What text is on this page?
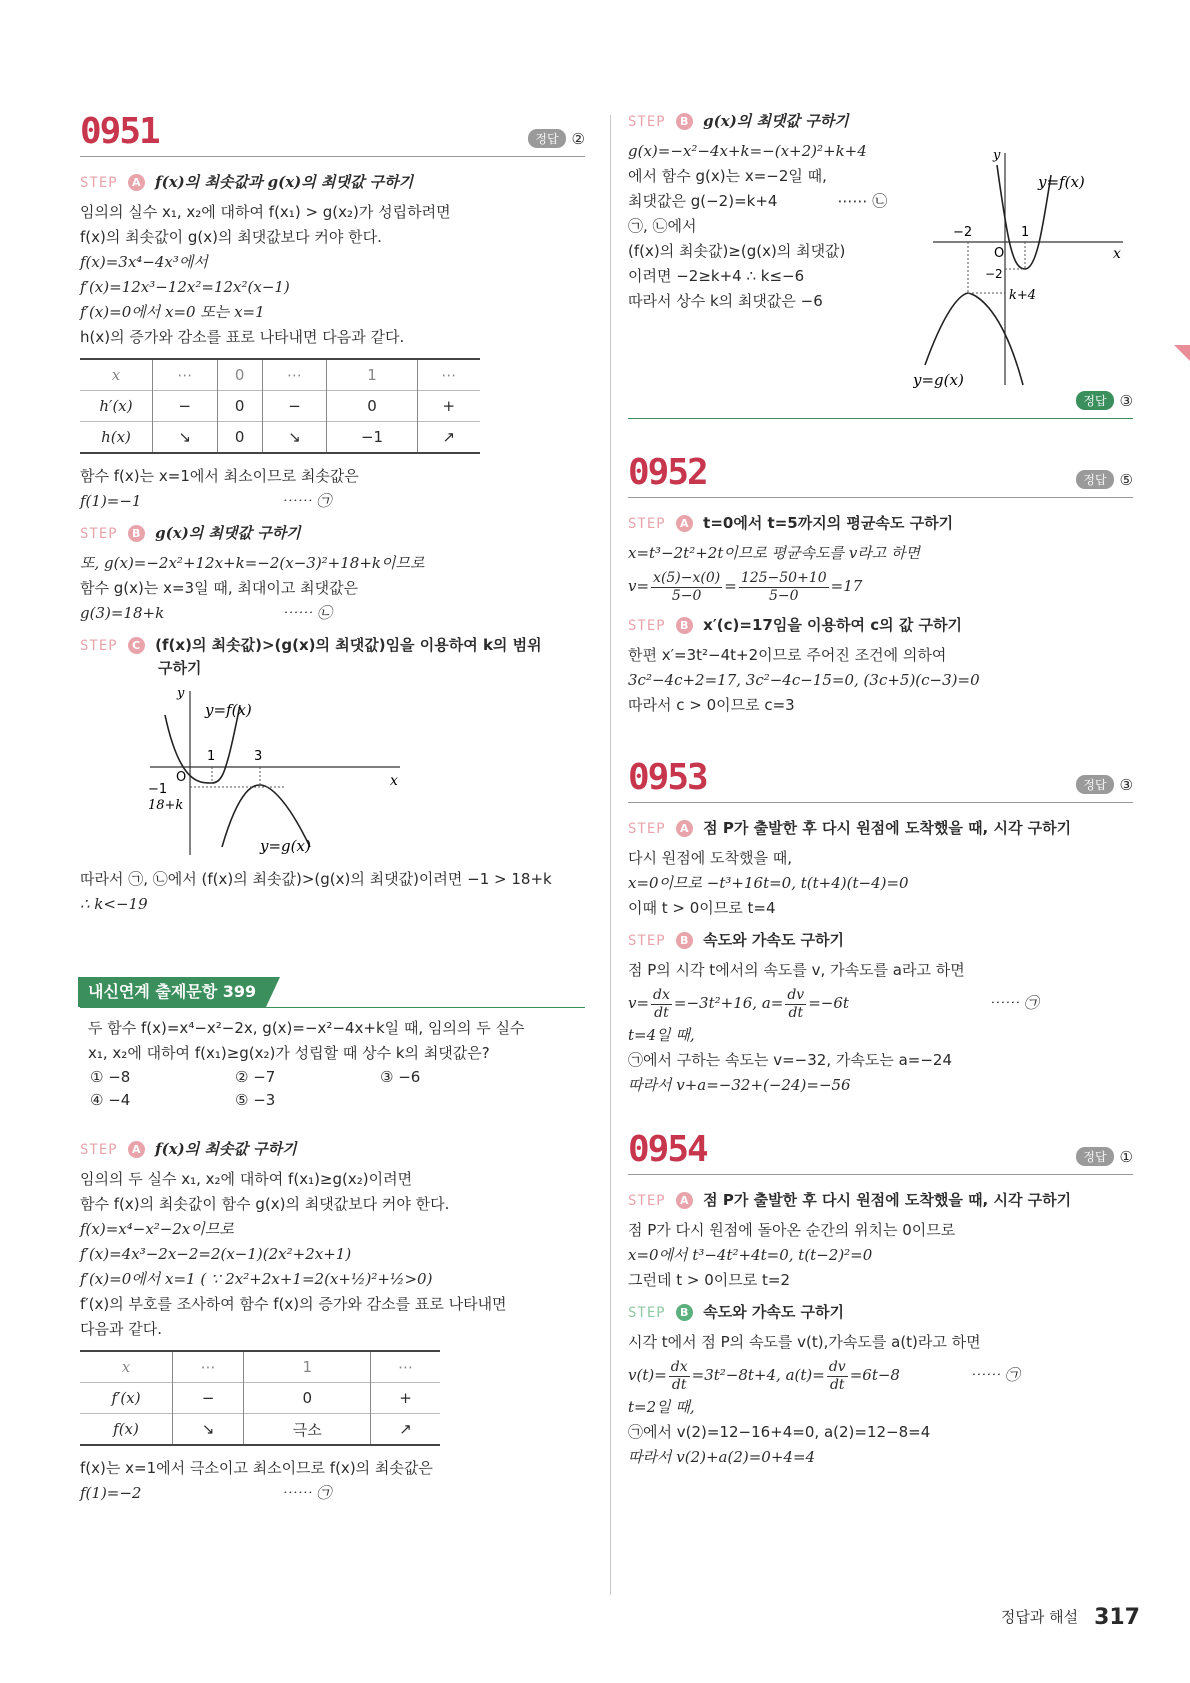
0951	정답 ②
STEP A f(x)의 최솟값과 g(x)의 최댓값 구하기
임의의 실수 x₁, x₂에 대하여 f(x₁) > g(x₂)가 성립하려면
f(x)의 최솟값이 g(x)의 최댓값보다 커야 한다.
f(x)=3x⁴−4x³에서
f′(x)=12x³−12x²=12x²(x−1)
f′(x)=0에서 x=0 또는 x=1
h(x)의 증가와 감소를 표로 나타내면 다음과 같다.
x	⋯	0	⋯	1	⋯
h′(x)	−	0	−	0	+
h(x)	↘	0	↘	−1	↗
함수 f(x)는 x=1에서 최소이므로 최솟값은
f(1)=−1	⋯⋯ ㉠
STEP B g(x)의 최댓값 구하기
또, g(x)=−2x²+12x+k=−2(x−3)²+18+k이므로
함수 g(x)는 x=3일 때, 최대이고 최댓값은
g(3)=18+k	⋯⋯ ㉡
STEP C (f(x)의 최솟값)>(g(x)의 최댓값)임을 이용하여 k의 범위
구하기
y
x
O
y=f(x)
y=g(x)
1	3
−1
18+k
따라서 ㉠, ㉡에서 (f(x)의 최솟값)>(g(x)의 최댓값)이려면 −1 > 18+k
∴ k<−19
내신연계 출제문항 399
두 함수 f(x)=x⁴−x²−2x, g(x)=−x²−4x+k일 때, 임의의 두 실수
x₁, x₂에 대하여 f(x₁)≥g(x₂)가 성립할 때 상수 k의 최댓값은?
① −8	② −7	③ −6
④ −4	⑤ −3
STEP A f(x)의 최솟값 구하기
임의의 두 실수 x₁, x₂에 대하여 f(x₁)≥g(x₂)이려면
함수 f(x)의 최솟값이 함수 g(x)의 최댓값보다 커야 한다.
f(x)=x⁴−x²−2x이므로
f′(x)=4x³−2x−2=2(x−1)(2x²+2x+1)
f′(x)=0에서 x=1 ( ∵ 2x²+2x+1=2(x+½)²+½>0)
f′(x)의 부호를 조사하여 함수 f(x)의 증가와 감소를 표로 나타내면
다음과 같다.
x	⋯	1	⋯
f′(x)	−	0	+
f(x)	↘	극소	↗
f(x)는 x=1에서 극소이고 최소이므로 f(x)의 최솟값은
f(1)=−2	⋯⋯ ㉠
STEP B g(x)의 최댓값 구하기
g(x)=−x²−4x+k=−(x+2)²+k+4
에서 함수 g(x)는 x=−2일 때,
최댓값은 g(−2)=k+4	⋯⋯ ㉡
㉠, ㉡에서
(f(x)의 최솟값)≥(g(x)의 최댓값)
이려면 −2≥k+4 ∴ k≤−6
따라서 상수 k의 최댓값은 −6
y
x
O
y=f(x)
y=g(x)
−2	1
−2
k+4
정답 ③
0952	정답 ⑤
STEP A t=0에서 t=5까지의 평균속도 구하기
x=t³−2t²+2t이므로 평균속도를 v라고 하면
$v= \frac{x(5)-x(0)}{5-0} = \frac{125-50+10}{5-0} =17$
STEP B x′(c)=17임을 이용하여 c의 값 구하기
한편 x′=3t²−4t+2이므로 주어진 조건에 의하여
3c²−4c+2=17, 3c²−4c−15=0, (3c+5)(c−3)=0
따라서 c > 0이므로 c=3
0953	정답 ③
STEP A 점 P가 출발한 후 다시 원점에 도착했을 때, 시각 구하기
다시 원점에 도착했을 때,
x=0이므로 −t³+16t=0, t(t+4)(t−4)=0
이때 t > 0이므로 t=4
STEP B 속도와 가속도 구하기
점 P의 시각 t에서의 속도를 v, 가속도를 a라고 하면
$v= \frac{dx}{dt} =-3t^2+16$, $a= \frac{dv}{dt} =-6t$	⋯⋯ ㉠
t=4일 때,
㉠에서 구하는 속도는 v=−32, 가속도는 a=−24
따라서 v+a=−32+(−24)=−56
0954	정답 ①
STEP A 점 P가 출발한 후 다시 원점에 도착했을 때, 시각 구하기
점 P가 다시 원점에 돌아온 순간의 위치는 0이므로
x=0에서 t³−4t²+4t=0, t(t−2)²=0
그런데 t > 0이므로 t=2
STEP B 속도와 가속도 구하기
시각 t에서 점 P의 속도를 v(t),가속도를 a(t)라고 하면
$v(t)= \frac{dx}{dt} =3t^2-8t+4$, $a(t)= \frac{dv}{dt} =6t-8$	⋯⋯ ㉠
t=2일 때,
㉠에서 v(2)=12−16+4=0, a(2)=12−8=4
따라서 v(2)+a(2)=0+4=4
정답과 해설 317
